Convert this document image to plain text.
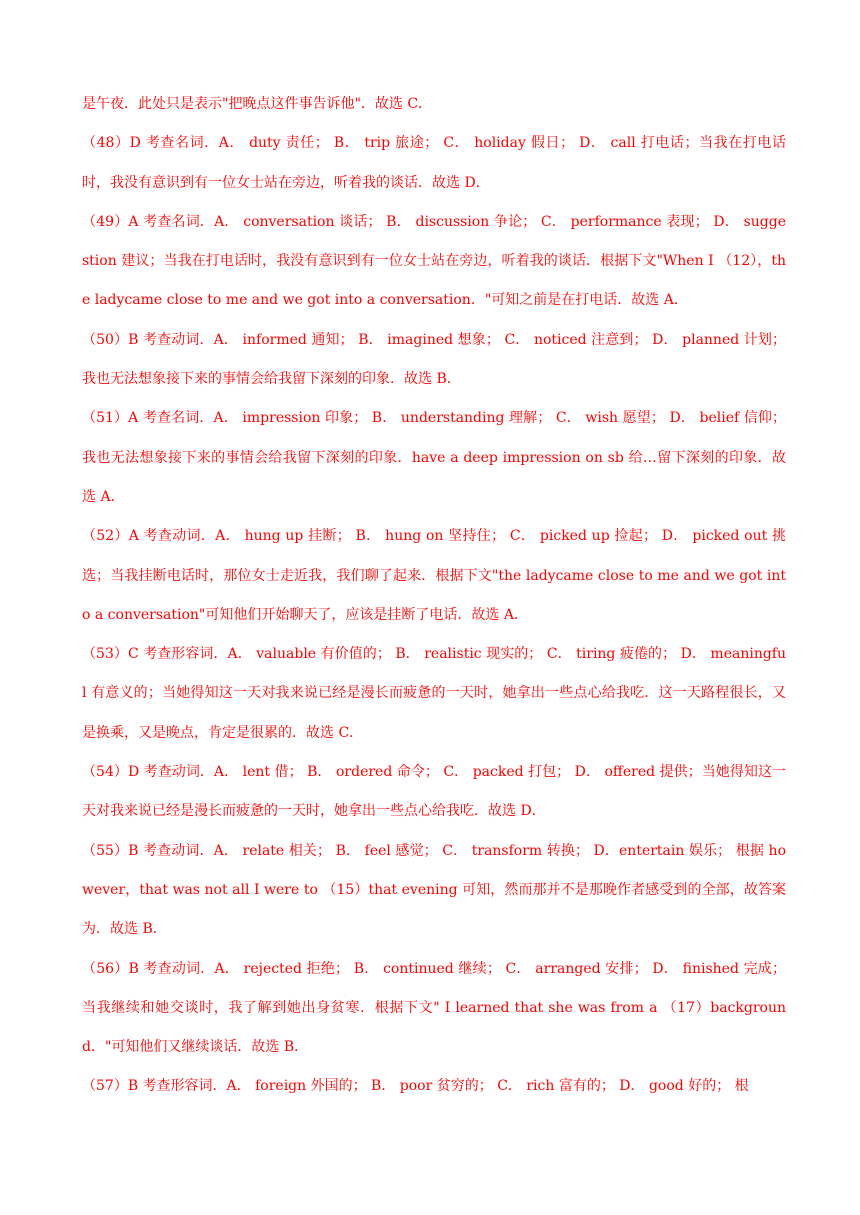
是午夜．此处只是表示"把晚点这件事告诉他"．故选 C．

（48）D 考查名词．A． duty 责任； B． trip 旅途； C． holiday 假日； D． call 打电话；当我在打电话时，我没有意识到有一位女士站在旁边，听着我的谈话．故选 D．

（49）A 考查名词．A． conversation 谈话； B． discussion 争论； C． performance 表现； D． suggestion 建议；当我在打电话时，我没有意识到有一位女士站在旁边，听着我的谈话．根据下文"When I （12），the ladycame close to me and we got into a conversation．"可知之前是在打电话．故选 A．

（50）B 考查动词．A． informed 通知； B． imagined 想象； C． noticed 注意到； D． planned 计划；我也无法想象接下来的事情会给我留下深刻的印象．故选 B．

（51）A 考查名词．A． impression 印象； B． understanding 理解； C． wish 愿望； D． belief 信仰；我也无法想象接下来的事情会给我留下深刻的印象．have a deep impression on sb 给…留下深刻的印象．故选 A．

（52）A 考查动词．A． hung up 挂断； B． hung on 坚持住； C． picked up 捡起； D． picked out 挑选；当我挂断电话时，那位女士走近我，我们聊了起来．根据下文"the ladycame close to me and we got into a conversation"可知他们开始聊天了，应该是挂断了电话．故选 A．

（53）C 考查形容词．A． valuable 有价值的； B． realistic 现实的； C． tiring 疲倦的； D． meaningful 有意义的；当她得知这一天对我来说已经是漫长而疲惫的一天时，她拿出一些点心给我吃．这一天路程很长，又是换乘，又是晚点，肯定是很累的．故选 C．

（54）D 考查动词．A． lent 借； B． ordered 命令； C． packed 打包； D． offered 提供；当她得知这一天对我来说已经是漫长而疲惫的一天时，她拿出一些点心给我吃．故选 D．

（55）B 考查动词．A． relate 相关； B． feel 感觉； C． transform 转换； D．entertain 娱乐； 根据 however，that was not all I were to （15）that evening 可知，然而那并不是那晚作者感受到的全部，故答案为．故选 B．

（56）B 考查动词．A． rejected 拒绝； B． continued 继续； C． arranged 安排； D． finished 完成；当我继续和她交谈时，我了解到她出身贫寒．根据下文" I learned that she was from a （17）background．"可知他们又继续谈话．故选 B．

（57）B 考查形容词．A． foreign 外国的； B． poor 贫穷的； C． rich 富有的； D． good 好的； 根
